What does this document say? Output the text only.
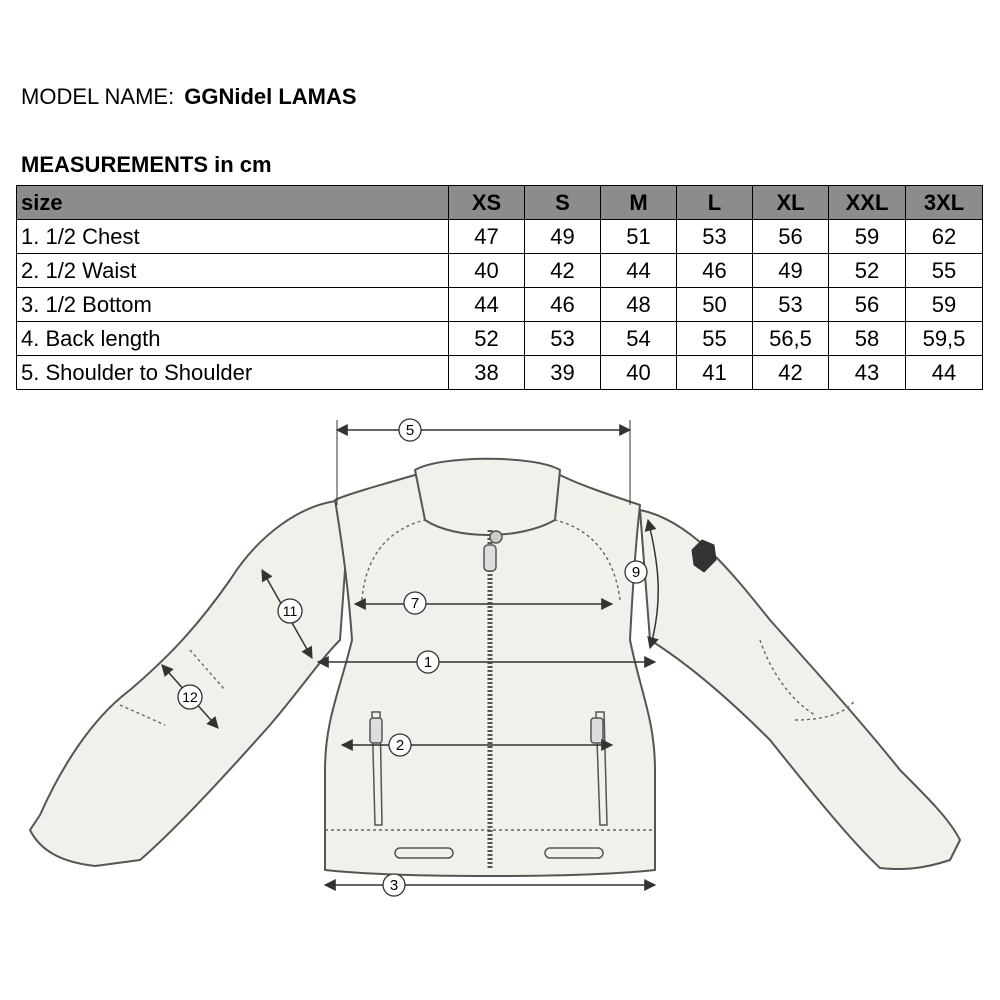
MODEL NAME: GGNidel LAMAS
MEASUREMENTS in cm
size	XS	S	M	L	XL	XXL	3XL
1. 1/2 Chest	47	49	51	53	56	59	62
2. 1/2 Waist	40	42	44	46	49	52	55
3. 1/2 Bottom	44	46	48	50	53	56	59
4. Back length	52	53	54	55	56,5	58	59,5
5. Shoulder to Shoulder	38	39	40	41	42	43	44
5
7
1
2
3
9
11
12
